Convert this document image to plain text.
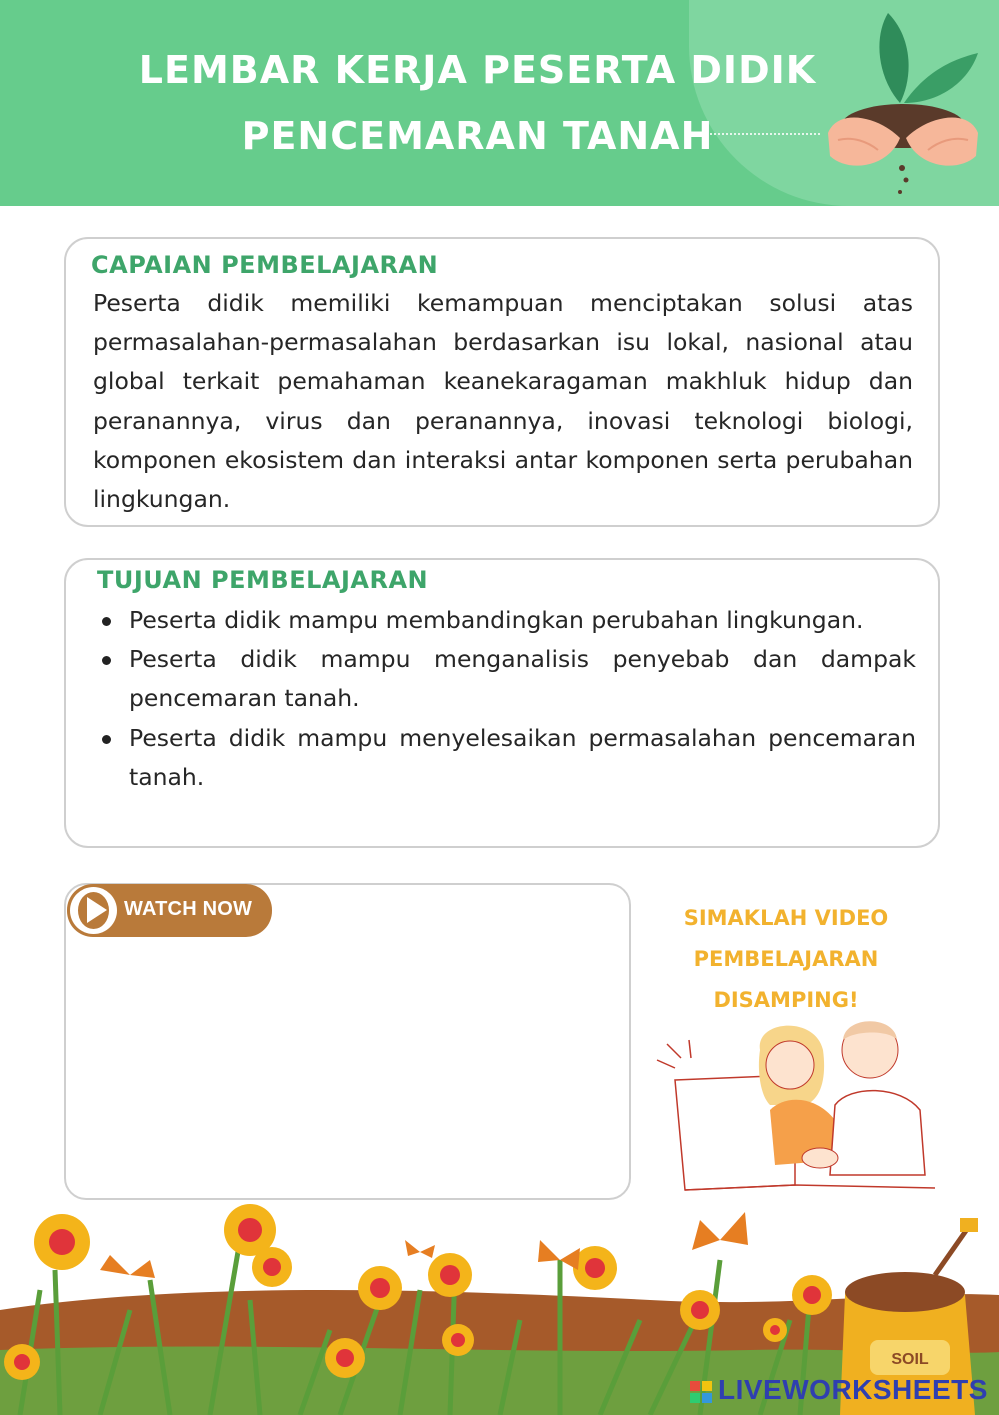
LEMBAR KERJA PESERTA DIDIK
PENCEMARAN TANAH
CAPAIAN PEMBELAJARAN
Peserta didik memiliki kemampuan menciptakan solusi atas permasalahan-permasalahan berdasarkan isu lokal, nasional atau global terkait pemahaman keanekaragaman makhluk hidup dan peranannya, virus dan peranannya, inovasi teknologi biologi, komponen ekosistem dan interaksi antar komponen serta perubahan lingkungan.
TUJUAN PEMBELAJARAN
Peserta didik mampu membandingkan perubahan lingkungan.
Peserta didik mampu menganalisis penyebab dan dampak pencemaran tanah.
Peserta didik mampu menyelesaikan permasalahan pencemaran tanah.
WATCH NOW	SIMAKLAH VIDEO
PEMBELAJARAN
DISAMPING!
SOIL
LIVEWORKSHEETS
